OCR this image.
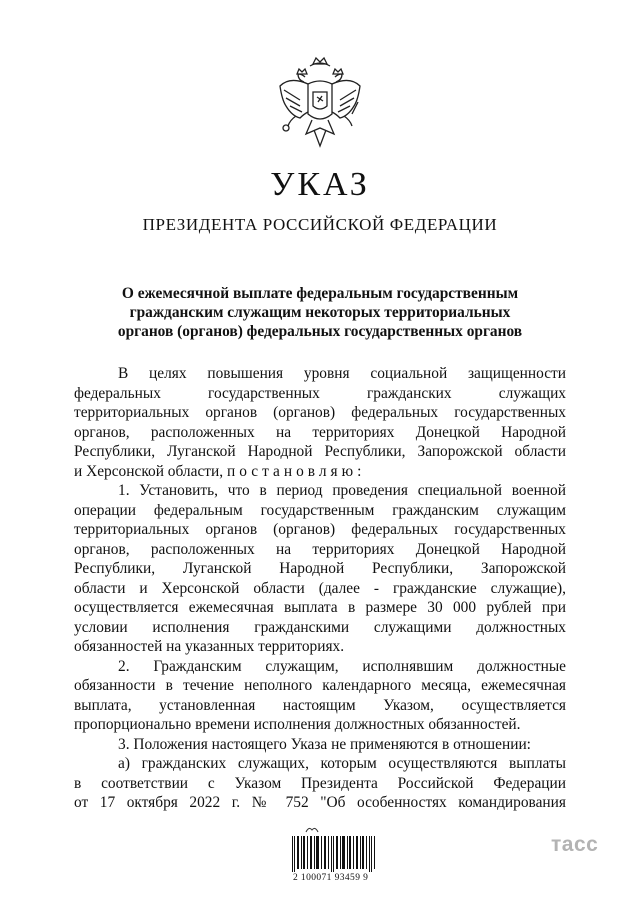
УКАЗ
ПРЕЗИДЕНТА РОССИЙСКОЙ ФЕДЕРАЦИИ
О ежемесячной выплате федеральным государственным
гражданским служащим некоторых территориальных
органов (органов) федеральных государственных органов
В целях повышения уровня социальной защищенности
федеральных государственных гражданских служащих
территориальных органов (органов) федеральных государственных
органов, расположенных на территориях Донецкой Народной
Республики, Луганской Народной Республики, Запорожской области
и Херсонской области, постановляю:
1. Установить, что в период проведения специальной военной
операции федеральным государственным гражданским служащим
территориальных органов (органов) федеральных государственных
органов, расположенных на территориях Донецкой Народной
Республики, Луганской Народной Республики, Запорожской
области и Херсонской области (далее - гражданские служащие),
осуществляется ежемесячная выплата в размере 30 000 рублей при
условии исполнения гражданскими служащими должностных
обязанностей на указанных территориях.
2. Гражданским служащим, исполнявшим должностные
обязанности в течение неполного календарного месяца, ежемесячная
выплата, установленная настоящим Указом, осуществляется
пропорционально времени исполнения должностных обязанностей.
3. Положения настоящего Указа не применяются в отношении:
а) гражданских служащих, которым осуществляются выплаты
в соответствии с Указом Президента Российской Федерации
от 17 октября 2022 г. № 752 "Об особенностях командирования
тасс
2 100071 93459 9
